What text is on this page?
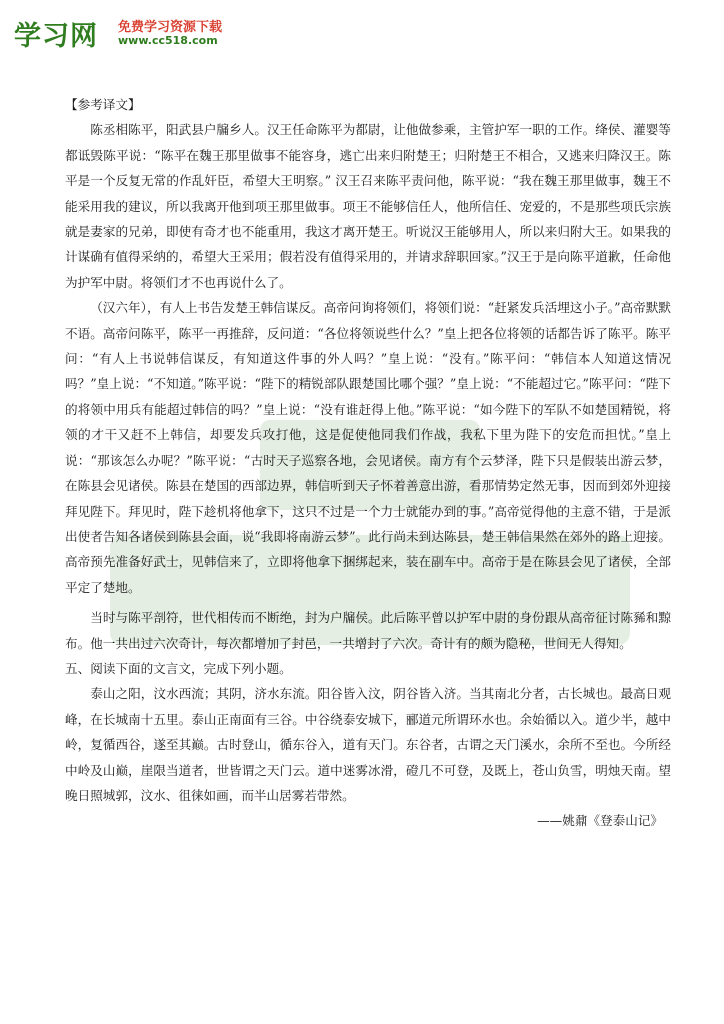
学习网 免费学习资源下载
www.cc518.com

【参考译文】

陈丞相陈平，阳武县户牖乡人。汉王任命陈平为都尉，让他做参乘，主管护军一职的工作。绛侯、灌婴等都诋毁陈平说：“陈平在魏王那里做事不能容身，逃亡出来归附楚王；归附楚王不相合，又逃来归降汉王。陈平是一个反复无常的作乱奸臣，希望大王明察。” 汉王召来陈平责问他，陈平说：“我在魏王那里做事，魏王不能采用我的建议，所以我离开他到项王那里做事。项王不能够信任人，他所信任、宠爱的，不是那些项氏宗族就是妻家的兄弟，即使有奇才也不能重用，我这才离开楚王。听说汉王能够用人，所以来归附大王。如果我的计谋确有值得采纳的，希望大王采用；假若没有值得采用的，并请求辞职回家。”汉王于是向陈平道歉，任命他为护军中尉。将领们才不也再说什么了。

（汉六年），有人上书告发楚王韩信谋反。高帝问询将领们，将领们说：“赶紧发兵活埋这小子。”高帝默默不语。高帝问陈平，陈平一再推辞，反问道：“各位将领说些什么？”皇上把各位将领的话都告诉了陈平。陈平问：“有人上书说韩信谋反，有知道这件事的外人吗？”皇上说：“没有。”陈平问：“韩信本人知道这情况吗？”皇上说：“不知道。”陈平说：“陛下的精锐部队跟楚国比哪个强？”皇上说：“不能超过它。”陈平问：“陛下的将领中用兵有能超过韩信的吗？”皇上说：“没有谁赶得上他。”陈平说：“如今陛下的军队不如楚国精锐，将领的才干又赶不上韩信，却要发兵攻打他，这是促使他同我们作战，我私下里为陛下的安危而担忧。”皇上说：“那该怎么办呢？”陈平说：“古时天子巡察各地，会见诸侯。南方有个云梦泽，陛下只是假装出游云梦，在陈县会见诸侯。陈县在楚国的西部边界，韩信听到天子怀着善意出游，看那情势定然无事，因而到郊外迎接拜见陛下。拜见时，陛下趁机将他拿下，这只不过是一个力士就能办到的事。”高帝觉得他的主意不错，于是派出使者告知各诸侯到陈县会面，说“我即将南游云梦”。此行尚未到达陈县，楚王韩信果然在郊外的路上迎接。高帝预先准备好武士，见韩信来了，立即将他拿下捆绑起来，装在副车中。高帝于是在陈县会见了诸侯，全部平定了楚地。

当时与陈平剖符，世代相传而不断绝，封为户牖侯。此后陈平曾以护军中尉的身份跟从高帝征讨陈豨和黥布。他一共出过六次奇计，每次都增加了封邑，一共增封了六次。奇计有的颇为隐秘，世间无人得知。

五、阅读下面的文言文，完成下列小题。

泰山之阳，汶水西流；其阴，济水东流。阳谷皆入汶，阴谷皆入济。当其南北分者，古长城也。最高日观峰，在长城南十五里。泰山正南面有三谷。中谷绕泰安城下，郦道元所谓环水也。余始循以入。道少半，越中岭，复循西谷，遂至其巅。古时登山，循东谷入，道有天门。东谷者，古谓之天门溪水，余所不至也。今所经中岭及山巅，崖限当道者，世皆谓之天门云。道中迷雾冰滑，磴几不可登，及既上，苍山负雪，明烛天南。望晚日照城郭，汶水、徂徕如画，而半山居雾若带然。

——姚鼐《登泰山记》
